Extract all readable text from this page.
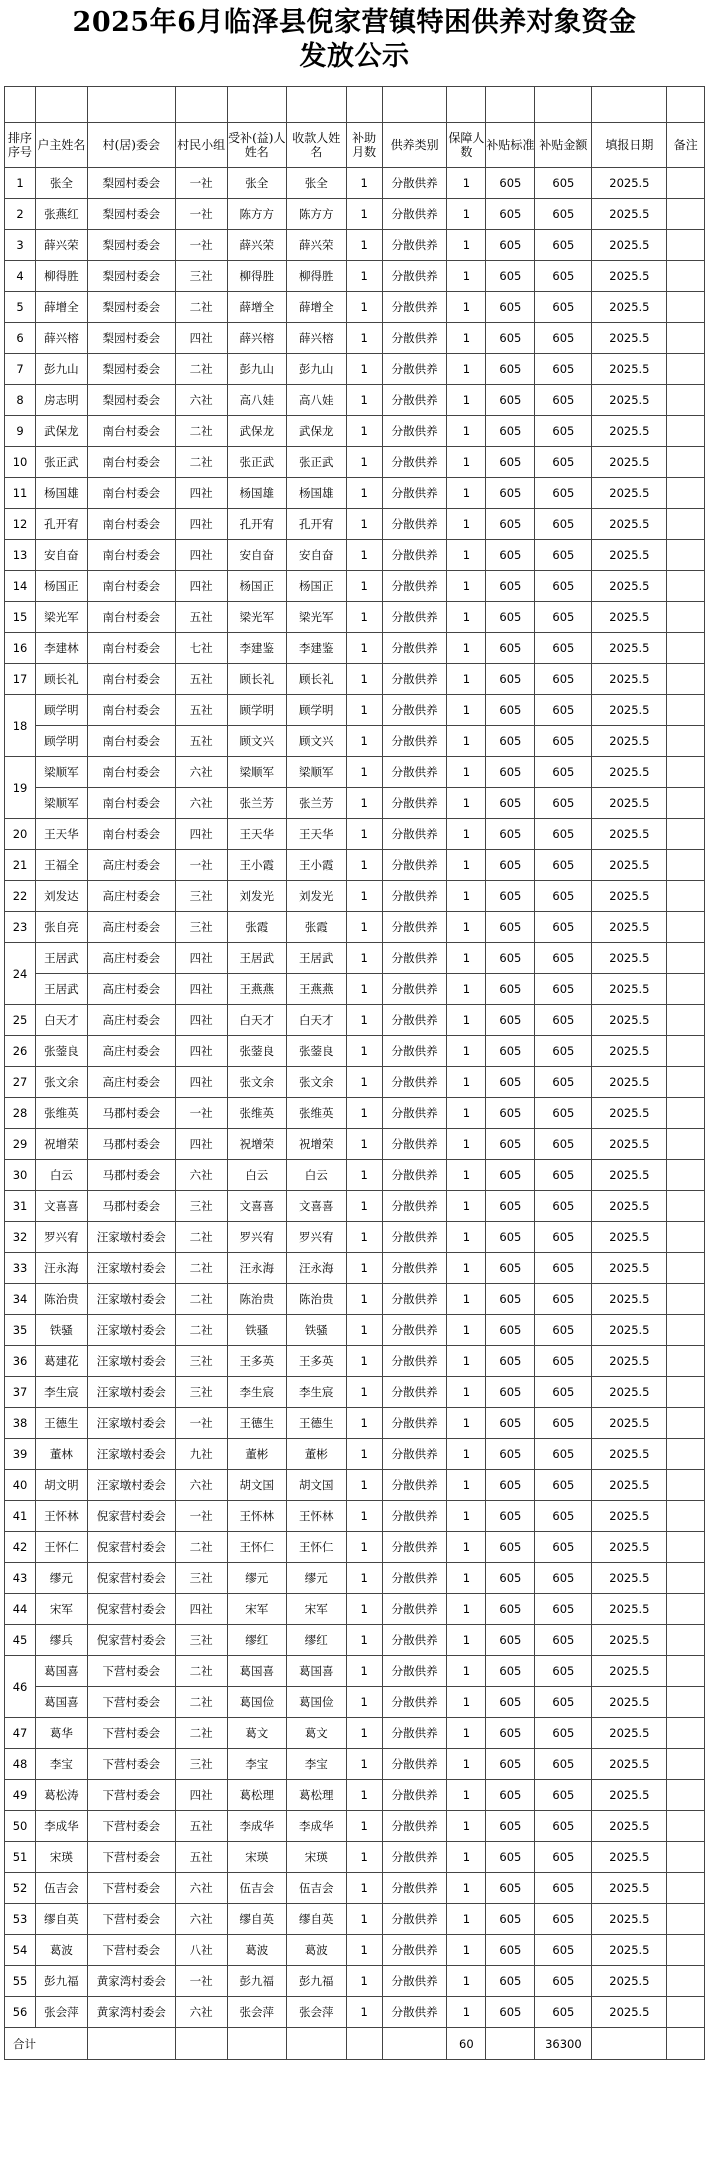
2025年6月临泽县倪家营镇特困供养对象资金
发放公示

排序序号	户主姓名	村(居)委会	村民小组	受补(益)人姓名	收款人姓名	补助月数	供养类别	保障人数	补贴标准	补贴金额	填报日期	备注
1	张全	梨园村委会	一社	张全	张全	1	分散供养	1	605	605	2025.5	
2	张燕红	梨园村委会	一社	陈方方	陈方方	1	分散供养	1	605	605	2025.5	
3	薛兴荣	梨园村委会	一社	薛兴荣	薛兴荣	1	分散供养	1	605	605	2025.5	
4	柳得胜	梨园村委会	三社	柳得胜	柳得胜	1	分散供养	1	605	605	2025.5	
5	薛增全	梨园村委会	二社	薛增全	薛增全	1	分散供养	1	605	605	2025.5	
6	薛兴榕	梨园村委会	四社	薛兴榕	薛兴榕	1	分散供养	1	605	605	2025.5	
7	彭九山	梨园村委会	二社	彭九山	彭九山	1	分散供养	1	605	605	2025.5	
8	房志明	梨园村委会	六社	高八娃	高八娃	1	分散供养	1	605	605	2025.5	
9	武保龙	南台村委会	二社	武保龙	武保龙	1	分散供养	1	605	605	2025.5	
10	张正武	南台村委会	二社	张正武	张正武	1	分散供养	1	605	605	2025.5	
11	杨国雄	南台村委会	四社	杨国雄	杨国雄	1	分散供养	1	605	605	2025.5	
12	孔开宥	南台村委会	四社	孔开宥	孔开宥	1	分散供养	1	605	605	2025.5	
13	安自奋	南台村委会	四社	安自奋	安自奋	1	分散供养	1	605	605	2025.5	
14	杨国正	南台村委会	四社	杨国正	杨国正	1	分散供养	1	605	605	2025.5	
15	梁光军	南台村委会	五社	梁光军	梁光军	1	分散供养	1	605	605	2025.5	
16	李建林	南台村委会	七社	李建鉴	李建鉴	1	分散供养	1	605	605	2025.5	
17	顾长礼	南台村委会	五社	顾长礼	顾长礼	1	分散供养	1	605	605	2025.5	
18	顾学明	南台村委会	五社	顾学明	顾学明	1	分散供养	1	605	605	2025.5	
	顾学明	南台村委会	五社	顾文兴	顾文兴	1	分散供养	1	605	605	2025.5	
19	梁顺军	南台村委会	六社	梁顺军	梁顺军	1	分散供养	1	605	605	2025.5	
	梁顺军	南台村委会	六社	张兰芳	张兰芳	1	分散供养	1	605	605	2025.5	
20	王天华	南台村委会	四社	王天华	王天华	1	分散供养	1	605	605	2025.5	
21	王福全	高庄村委会	一社	王小霞	王小霞	1	分散供养	1	605	605	2025.5	
22	刘发达	高庄村委会	三社	刘发光	刘发光	1	分散供养	1	605	605	2025.5	
23	张自亮	高庄村委会	三社	张霞	张霞	1	分散供养	1	605	605	2025.5	
24	王居武	高庄村委会	四社	王居武	王居武	1	分散供养	1	605	605	2025.5	
	王居武	高庄村委会	四社	王燕燕	王燕燕	1	分散供养	1	605	605	2025.5	
25	白天才	高庄村委会	四社	白天才	白天才	1	分散供养	1	605	605	2025.5	
26	张蓥良	高庄村委会	四社	张蓥良	张蓥良	1	分散供养	1	605	605	2025.5	
27	张文余	高庄村委会	四社	张文余	张文余	1	分散供养	1	605	605	2025.5	
28	张维英	马郡村委会	一社	张维英	张维英	1	分散供养	1	605	605	2025.5	
29	祝增荣	马郡村委会	四社	祝增荣	祝增荣	1	分散供养	1	605	605	2025.5	
30	白云	马郡村委会	六社	白云	白云	1	分散供养	1	605	605	2025.5	
31	文喜喜	马郡村委会	三社	文喜喜	文喜喜	1	分散供养	1	605	605	2025.5	
32	罗兴宥	汪家墩村委会	二社	罗兴宥	罗兴宥	1	分散供养	1	605	605	2025.5	
33	汪永海	汪家墩村委会	二社	汪永海	汪永海	1	分散供养	1	605	605	2025.5	
34	陈治贵	汪家墩村委会	二社	陈治贵	陈治贵	1	分散供养	1	605	605	2025.5	
35	铁骚	汪家墩村委会	二社	铁骚	铁骚	1	分散供养	1	605	605	2025.5	
36	葛建花	汪家墩村委会	三社	王多英	王多英	1	分散供养	1	605	605	2025.5	
37	李生宸	汪家墩村委会	三社	李生宸	李生宸	1	分散供养	1	605	605	2025.5	
38	王德生	汪家墩村委会	一社	王德生	王德生	1	分散供养	1	605	605	2025.5	
39	董林	汪家墩村委会	九社	董彬	董彬	1	分散供养	1	605	605	2025.5	
40	胡文明	汪家墩村委会	六社	胡文国	胡文国	1	分散供养	1	605	605	2025.5	
41	王怀林	倪家营村委会	一社	王怀林	王怀林	1	分散供养	1	605	605	2025.5	
42	王怀仁	倪家营村委会	二社	王怀仁	王怀仁	1	分散供养	1	605	605	2025.5	
43	缪元	倪家营村委会	三社	缪元	缪元	1	分散供养	1	605	605	2025.5	
44	宋军	倪家营村委会	四社	宋军	宋军	1	分散供养	1	605	605	2025.5	
45	缪兵	倪家营村委会	三社	缪红	缪红	1	分散供养	1	605	605	2025.5	
46	葛国喜	下营村委会	二社	葛国喜	葛国喜	1	分散供养	1	605	605	2025.5	
	葛国喜	下营村委会	二社	葛国俭	葛国俭	1	分散供养	1	605	605	2025.5	
47	葛华	下营村委会	二社	葛文	葛文	1	分散供养	1	605	605	2025.5	
48	李宝	下营村委会	三社	李宝	李宝	1	分散供养	1	605	605	2025.5	
49	葛松涛	下营村委会	四社	葛松理	葛松理	1	分散供养	1	605	605	2025.5	
50	李成华	下营村委会	五社	李成华	李成华	1	分散供养	1	605	605	2025.5	
51	宋瑛	下营村委会	五社	宋瑛	宋瑛	1	分散供养	1	605	605	2025.5	
52	伍吉会	下营村委会	六社	伍吉会	伍吉会	1	分散供养	1	605	605	2025.5	
53	缪自英	下营村委会	六社	缪自英	缪自英	1	分散供养	1	605	605	2025.5	
54	葛波	下营村委会	八社	葛波	葛波	1	分散供养	1	605	605	2025.5	
55	彭九福	黄家湾村委会	一社	彭九福	彭九福	1	分散供养	1	605	605	2025.5	
56	张会萍	黄家湾村委会	六社	张会萍	张会萍	1	分散供养	1	605	605	2025.5	
合计								60		36300		
